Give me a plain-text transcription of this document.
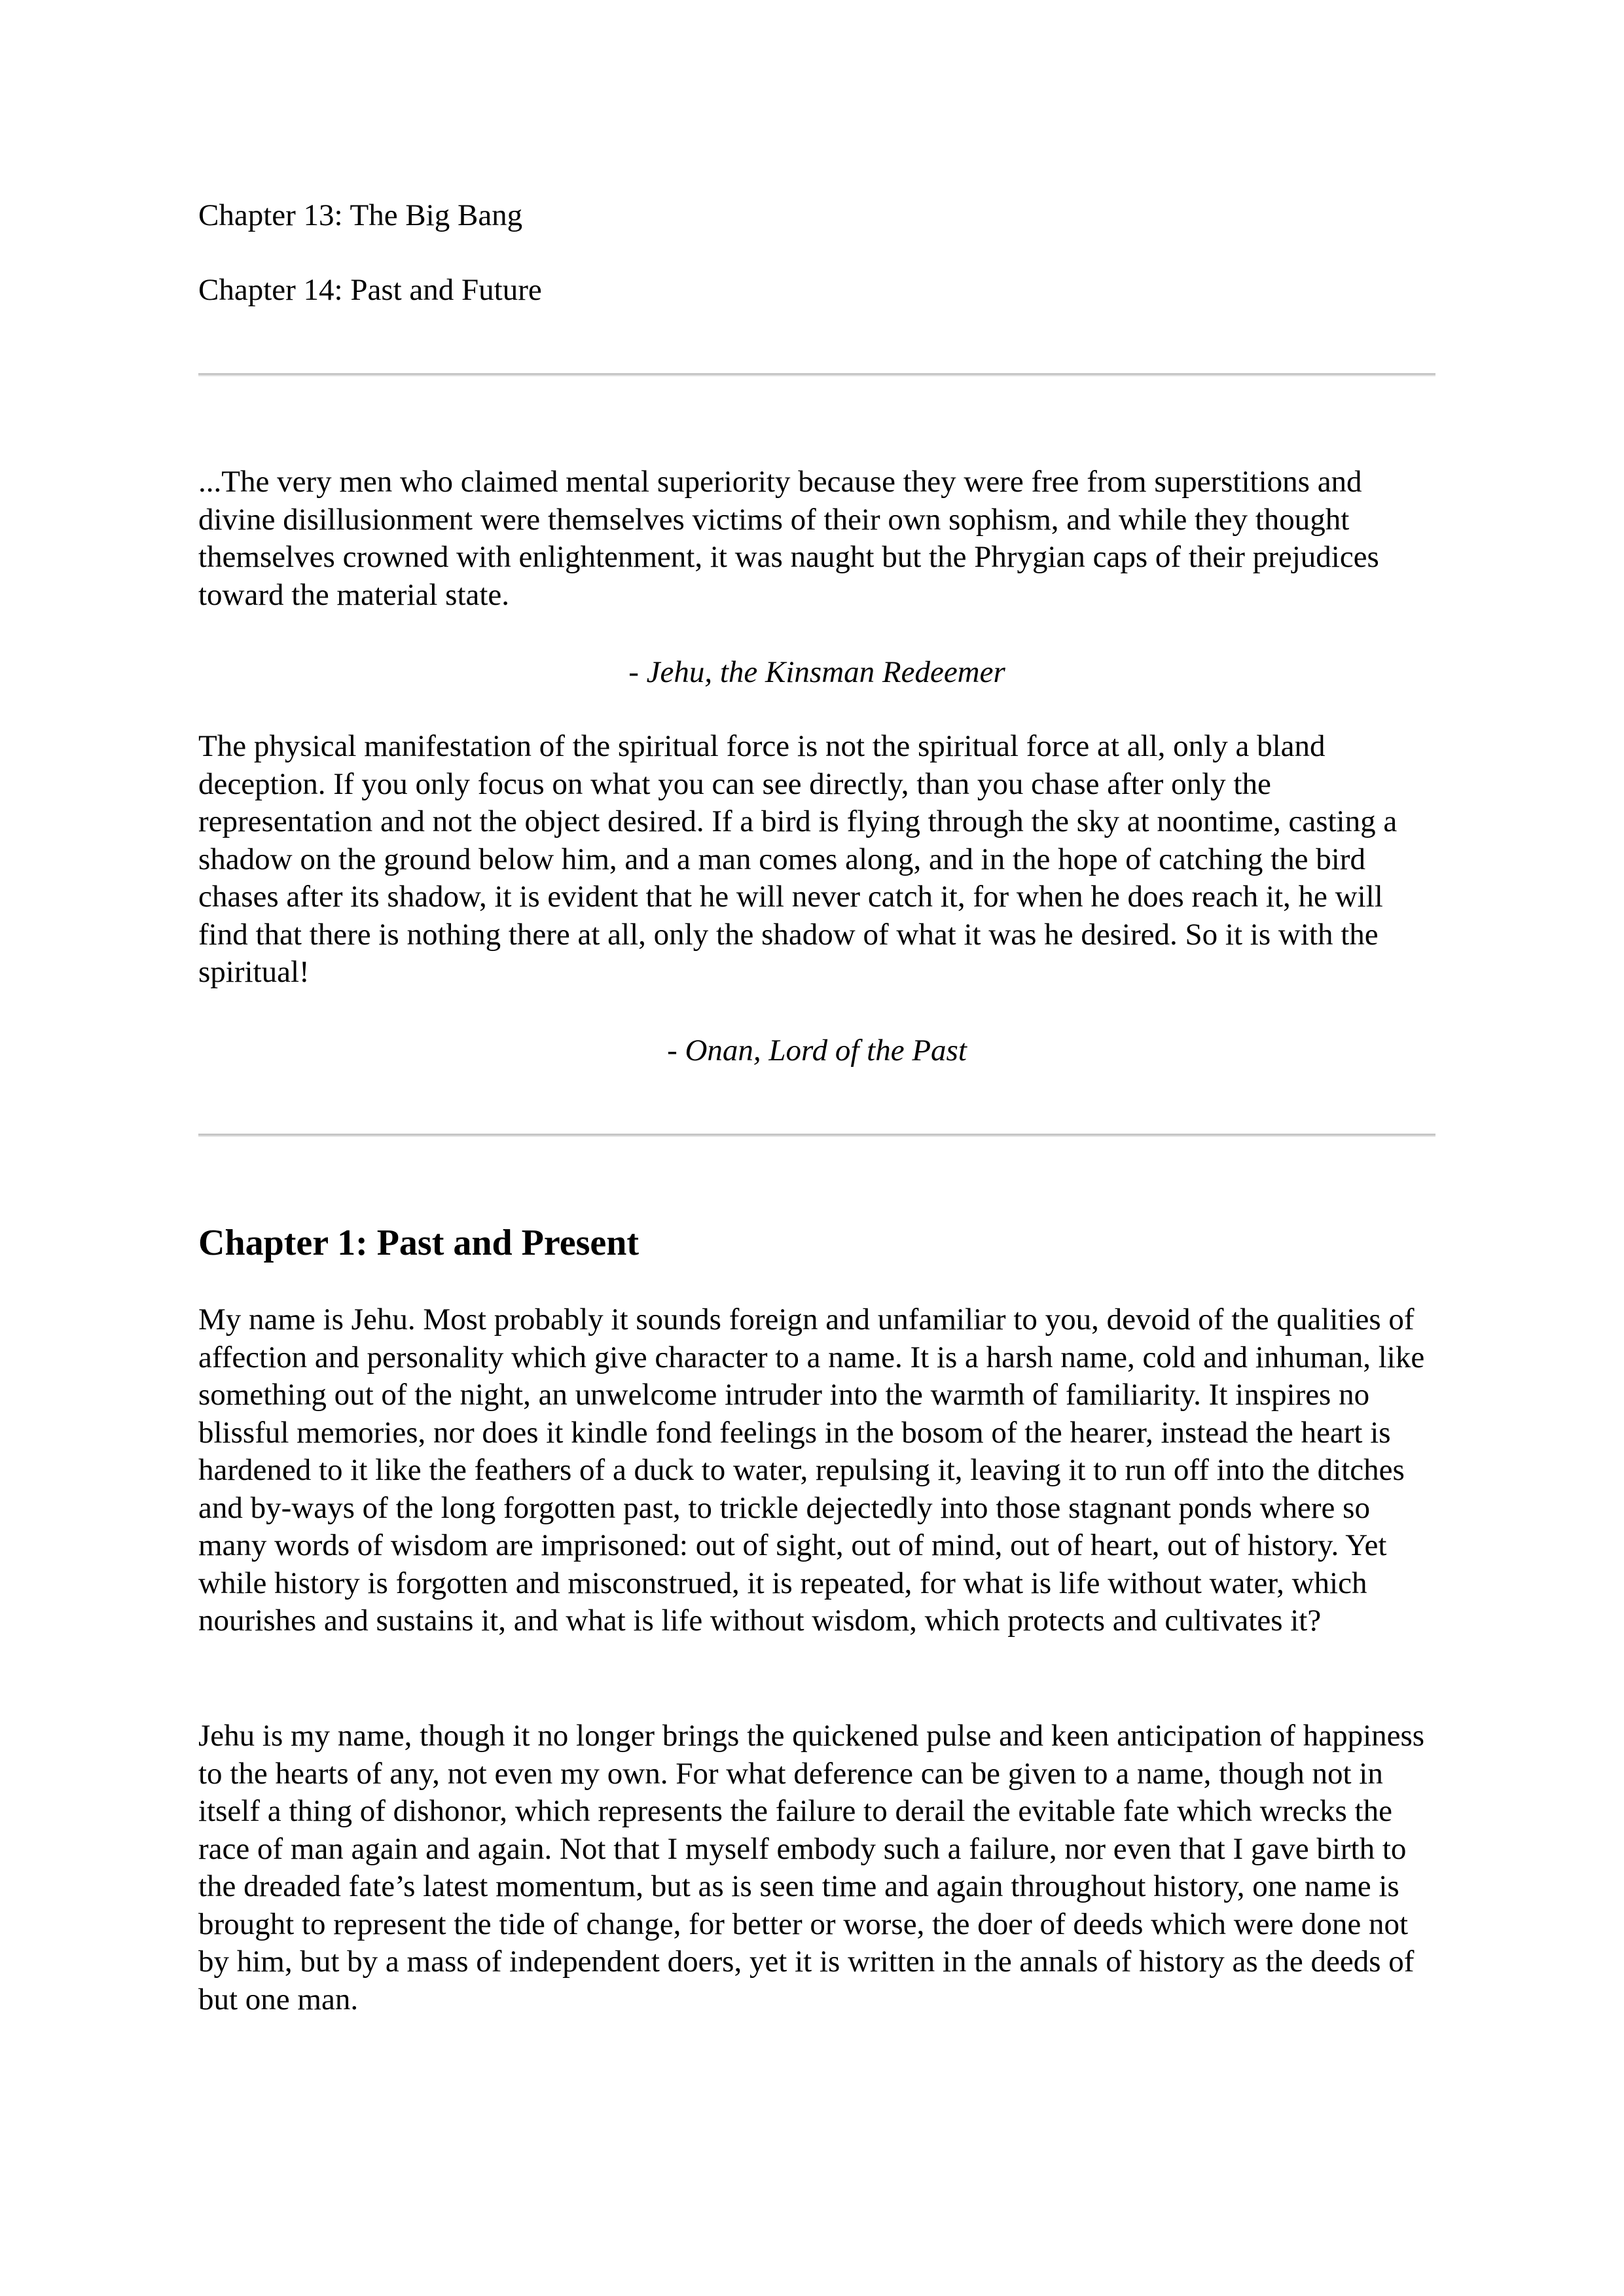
Chapter 13: The Big Bang
Chapter 14: Past and Future
...The very men who claimed mental superiority because they were free from superstitions and divine disillusionment were themselves victims of their own sophism, and while they thought themselves crowned with enlightenment, it was naught but the Phrygian caps of their prejudices toward the material state.
- Jehu, the Kinsman Redeemer
The physical manifestation of the spiritual force is not the spiritual force at all, only a bland deception. If you only focus on what you can see directly, than you chase after only the representation and not the object desired. If a bird is flying through the sky at noontime, casting a shadow on the ground below him, and a man comes along, and in the hope of catching the bird chases after its shadow, it is evident that he will never catch it, for when he does reach it, he will find that there is nothing there at all, only the shadow of what it was he desired. So it is with the spiritual!
- Onan, Lord of the Past
Chapter 1: Past and Present
My name is Jehu. Most probably it sounds foreign and unfamiliar to you, devoid of the qualities of affection and personality which give character to a name. It is a harsh name, cold and inhuman, like something out of the night, an unwelcome intruder into the warmth of familiarity. It inspires no blissful memories, nor does it kindle fond feelings in the bosom of the hearer, instead the heart is hardened to it like the feathers of a duck to water, repulsing it, leaving it to run off into the ditches and by-ways of the long forgotten past, to trickle dejectedly into those stagnant ponds where so many words of wisdom are imprisoned: out of sight, out of mind, out of heart, out of history. Yet while history is forgotten and misconstrued, it is repeated, for what is life without water, which nourishes and sustains it, and what is life without wisdom, which protects and cultivates it?
Jehu is my name, though it no longer brings the quickened pulse and keen anticipation of happiness to the hearts of any, not even my own. For what deference can be given to a name, though not in itself a thing of dishonor, which represents the failure to derail the evitable fate which wrecks the race of man again and again. Not that I myself embody such a failure, nor even that I gave birth to the dreaded fate’s latest momentum, but as is seen time and again throughout history, one name is brought to represent the tide of change, for better or worse, the doer of deeds which were done not by him, but by a mass of independent doers, yet it is written in the annals of history as the deeds of but one man.
